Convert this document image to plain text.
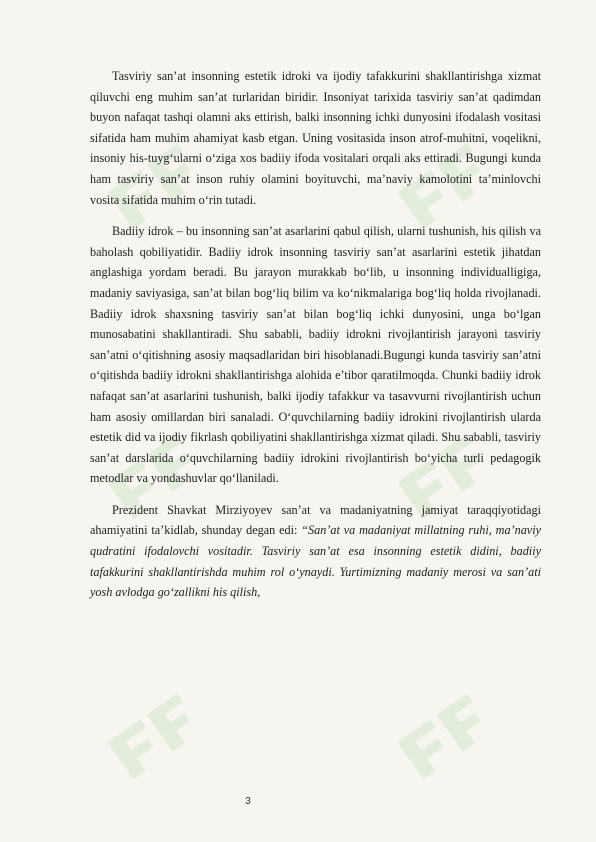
Tasviriy san’at insonning estetik idroki va ijodiy tafakkurini shakllantirishga xizmat qiluvchi eng muhim san’at turlaridan biridir. Insoniyat tarixida tasviriy san’at qadimdan buyon nafaqat tashqi olamni aks ettirish, balki insonning ichki dunyosini ifodalash vositasi sifatida ham muhim ahamiyat kasb etgan. Uning vositasida inson atrof-muhitni, voqelikni, insoniy his-tuyg‘ularni o‘ziga xos badiiy ifoda vositalari orqali aks ettiradi. Bugungi kunda ham tasviriy san’at inson ruhiy olamini boyituvchi, ma’naviy kamolotini ta’minlovchi vosita sifatida muhim o‘rin tutadi.

Badiiy idrok – bu insonning san’at asarlarini qabul qilish, ularni tushunish, his qilish va baholash qobiliyatidir. Badiiy idrok insonning tasviriy san’at asarlarini estetik jihatdan anglashiga yordam beradi. Bu jarayon murakkab bo‘lib, u insonning individualligiga, madaniy saviyasiga, san’at bilan bog‘liq bilim va ko‘nikmalariga bog‘liq holda rivojlanadi. Badiiy idrok shaxsning tasviriy san’at bilan bog‘liq ichki dunyosini, unga bo‘lgan munosabatini shakllantiradi. Shu sababli, badiiy idrokni rivojlantirish jarayoni tasviriy san’atni o‘qitishning asosiy maqsadlaridan biri hisoblanadi.Bugungi kunda tasviriy san’atni o‘qitishda badiiy idrokni shakllantirishga alohida e’tibor qaratilmoqda. Chunki badiiy idrok nafaqat san’at asarlarini tushunish, balki ijodiy tafakkur va tasavvurni rivojlantirish uchun ham asosiy omillardan biri sanaladi. O‘quvchilarning badiiy idrokini rivojlantirish ularda estetik did va ijodiy fikrlash qobiliyatini shakllantirishga xizmat qiladi. Shu sababli, tasviriy san’at darslarida o‘quvchilarning badiiy idrokini rivojlantirish bo‘yicha turli pedagogik metodlar va yondashuvlar qo‘llaniladi.

Prezident Shavkat Mirziyoyev san’at va madaniyatning jamiyat taraqqiyotidagi ahamiyatini ta’kidlab, shunday degan edi: “San’at va madaniyat millatning ruhi, ma’naviy qudratini ifodalovchi vositadir. Tasviriy san’at esa insonning estetik didini, badiiy tafakkurini shakllantirishda muhim rol o‘ynaydi. Yurtimizning madaniy merosi va san’ati yosh avlodga go‘zallikni his qilish,

3
